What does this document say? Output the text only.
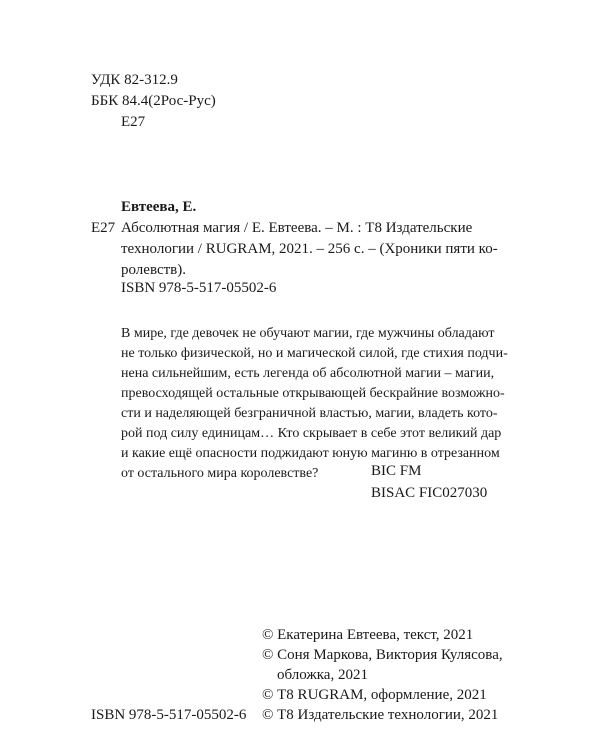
УДК 82-312.9
ББК 84.4(2Рос-Рус)
Е27
Евтеева, Е.
Е27 Абсолютная магия / Е. Евтеева. – М. : Т8 Издательские
технологии / RUGRAM, 2021. – 256 с. – (Хроники пяти ко-
ролевств).
ISBN 978-5-517-05502-6
В мире, где девочек не обучают магии, где мужчины обладают
не только физической, но и магической силой, где стихия подчи-
нена сильнейшим, есть легенда об абсолютной магии – магии,
превосходящей остальные открывающей бескрайние возможно-
сти и наделяющей безграничной властью, магии, владеть кото-
рой под силу единицам… Кто скрывает в себе этот великий дар
и какие ещё опасности поджидают юную магиню в отрезанном
от остального мира королевстве?	BIC FM
BISAC FIC027030
© Екатерина Евтеева, текст, 2021
© Соня Маркова, Виктория Кулясова,
обложка, 2021
© Т8 RUGRAM, оформление, 2021
© Т8 Издательские технологии, 2021
ISBN 978-5-517-05502-6
